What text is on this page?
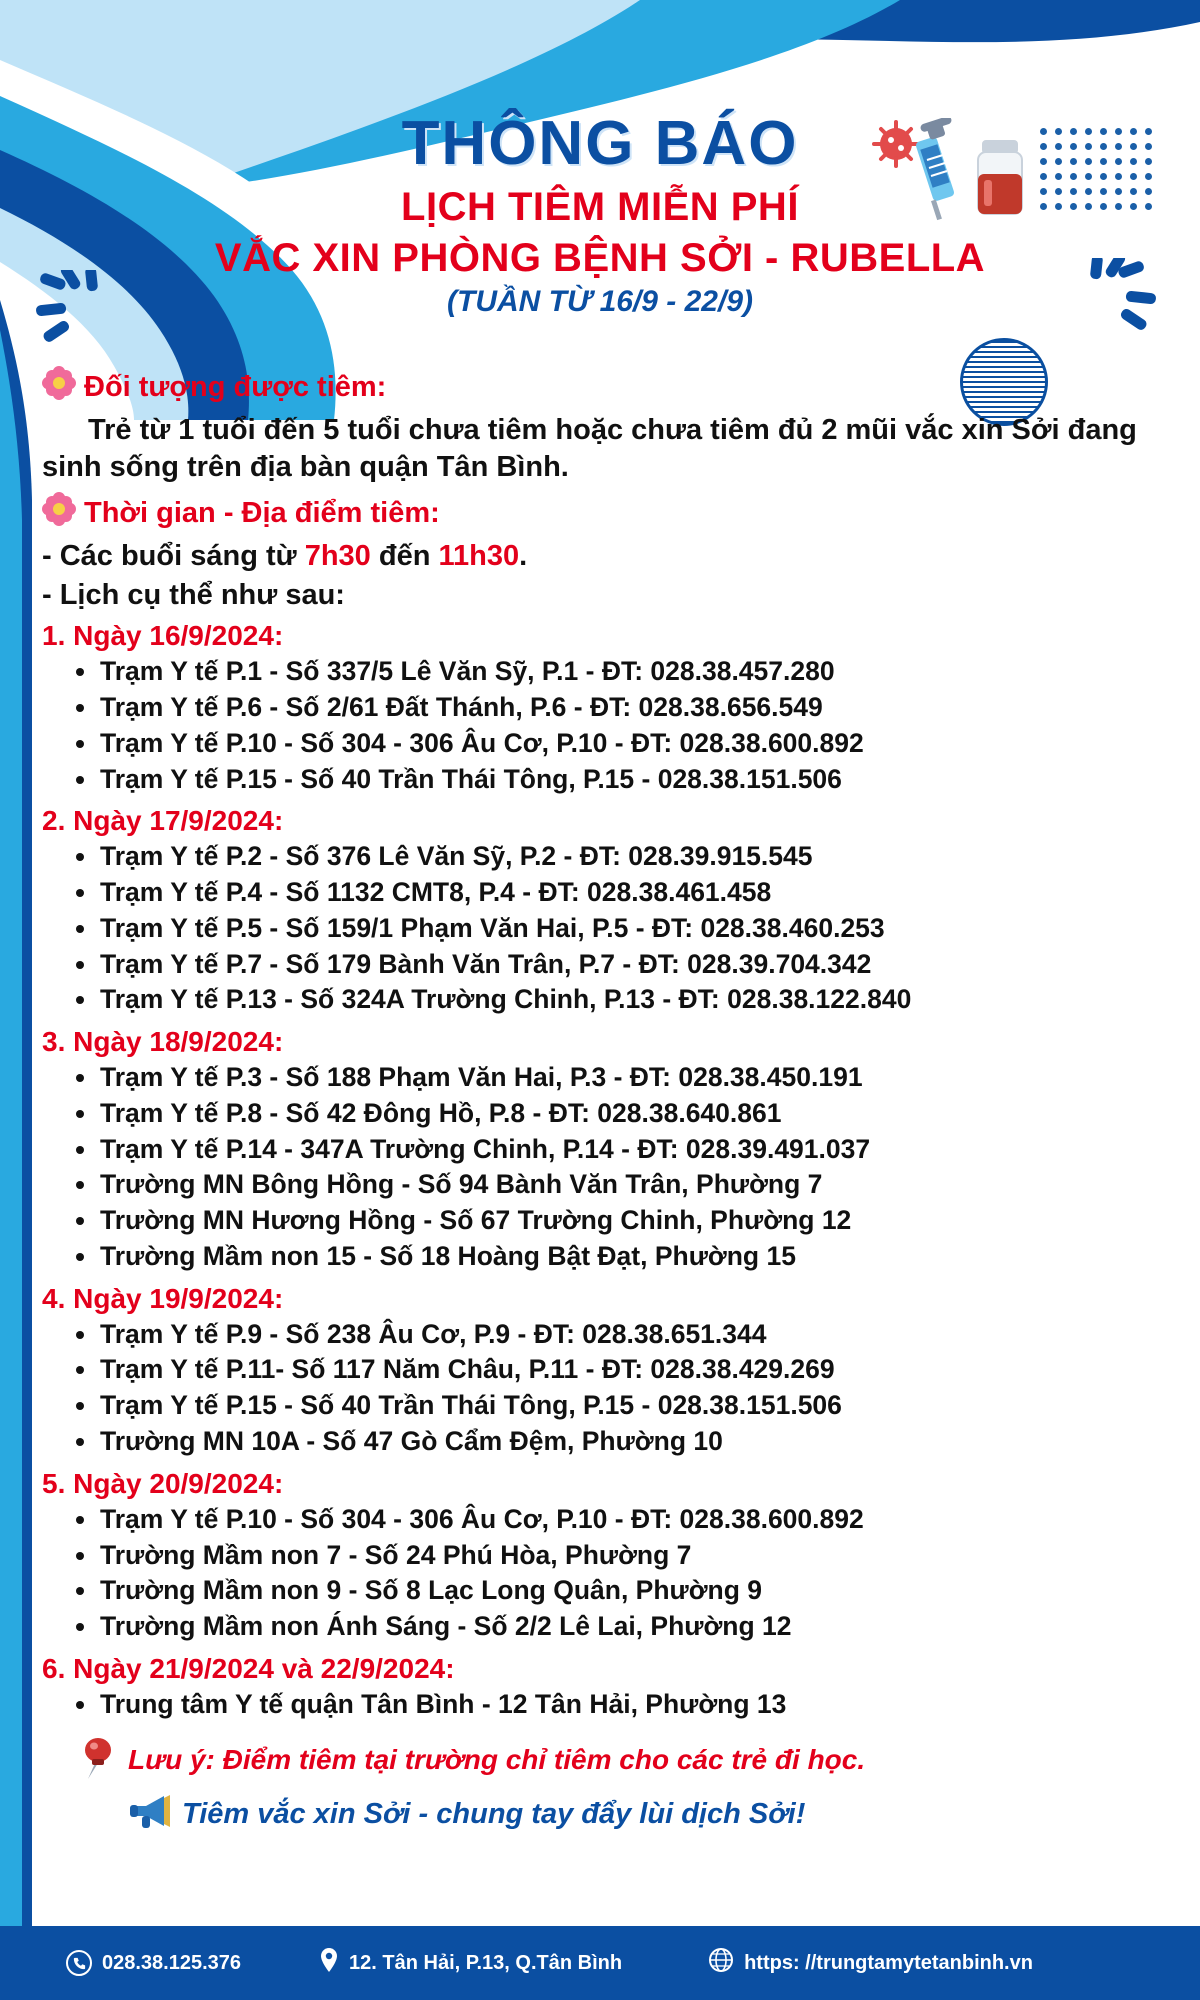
THÔNG BÁO
LỊCH TIÊM MIỄN PHÍ
VẮC XIN PHÒNG BỆNH SỞI - RUBELLA
(TUẦN TỪ 16/9 - 22/9)
Đối tượng được tiêm:
Trẻ từ 1 tuổi đến 5 tuổi chưa tiêm hoặc chưa tiêm đủ 2 mũi vắc xin Sởi đang sinh sống trên địa bàn quận Tân Bình.
Thời gian - Địa điểm tiêm:
- Các buổi sáng từ 7h30 đến 11h30.
- Lịch cụ thể như sau:
1. Ngày 16/9/2024:
Trạm Y tế P.1 - Số 337/5 Lê Văn Sỹ, P.1 - ĐT: 028.38.457.280
Trạm Y tế P.6 - Số 2/61 Đất Thánh, P.6 - ĐT: 028.38.656.549
Trạm Y tế P.10 - Số 304 - 306 Âu Cơ, P.10 - ĐT: 028.38.600.892
Trạm Y tế P.15 - Số 40 Trần Thái Tông, P.15 - 028.38.151.506
2. Ngày 17/9/2024:
Trạm Y tế P.2 - Số 376 Lê Văn Sỹ, P.2 - ĐT: 028.39.915.545
Trạm Y tế P.4 - Số 1132 CMT8, P.4 - ĐT: 028.38.461.458
Trạm Y tế P.5 - Số 159/1 Phạm Văn Hai, P.5 - ĐT: 028.38.460.253
Trạm Y tế P.7 - Số 179 Bành Văn Trân, P.7 - ĐT: 028.39.704.342
Trạm Y tế P.13 - Số 324A Trường Chinh, P.13 - ĐT: 028.38.122.840
3. Ngày 18/9/2024:
Trạm Y tế P.3 - Số 188 Phạm Văn Hai, P.3 - ĐT: 028.38.450.191
Trạm Y tế P.8 - Số 42 Đông Hồ, P.8 - ĐT: 028.38.640.861
Trạm Y tế P.14 - 347A Trường Chinh, P.14 - ĐT: 028.39.491.037
Trường MN Bông Hồng - Số 94 Bành Văn Trân, Phường 7
Trường MN Hương Hồng - Số 67 Trường Chinh, Phường 12
Trường Mầm non 15 - Số 18 Hoàng Bật Đạt, Phường 15
4. Ngày 19/9/2024:
Trạm Y tế P.9 - Số 238 Âu Cơ, P.9 - ĐT: 028.38.651.344
Trạm Y tế P.11- Số 117 Năm Châu, P.11 - ĐT: 028.38.429.269
Trạm Y tế P.15 - Số 40 Trần Thái Tông, P.15 - 028.38.151.506
Trường MN 10A - Số 47 Gò Cẩm Đệm, Phường 10
5. Ngày 20/9/2024:
Trạm Y tế P.10 - Số 304 - 306 Âu Cơ, P.10 - ĐT: 028.38.600.892
Trường Mầm non 7 - Số 24 Phú Hòa, Phường 7
Trường Mầm non 9 - Số 8 Lạc Long Quân, Phường 9
Trường Mầm non Ánh Sáng - Số 2/2 Lê Lai, Phường 12
6. Ngày 21/9/2024 và 22/9/2024:
Trung tâm Y tế quận Tân Bình - 12 Tân Hải, Phường 13
Lưu ý: Điểm tiêm tại trường chỉ tiêm cho các trẻ đi học.
Tiêm vắc xin Sởi - chung tay đẩy lùi dịch Sởi!
028.38.125.376	12. Tân Hải, P.13, Q.Tân Bình	https: //trungtamytetanbinh.vn
